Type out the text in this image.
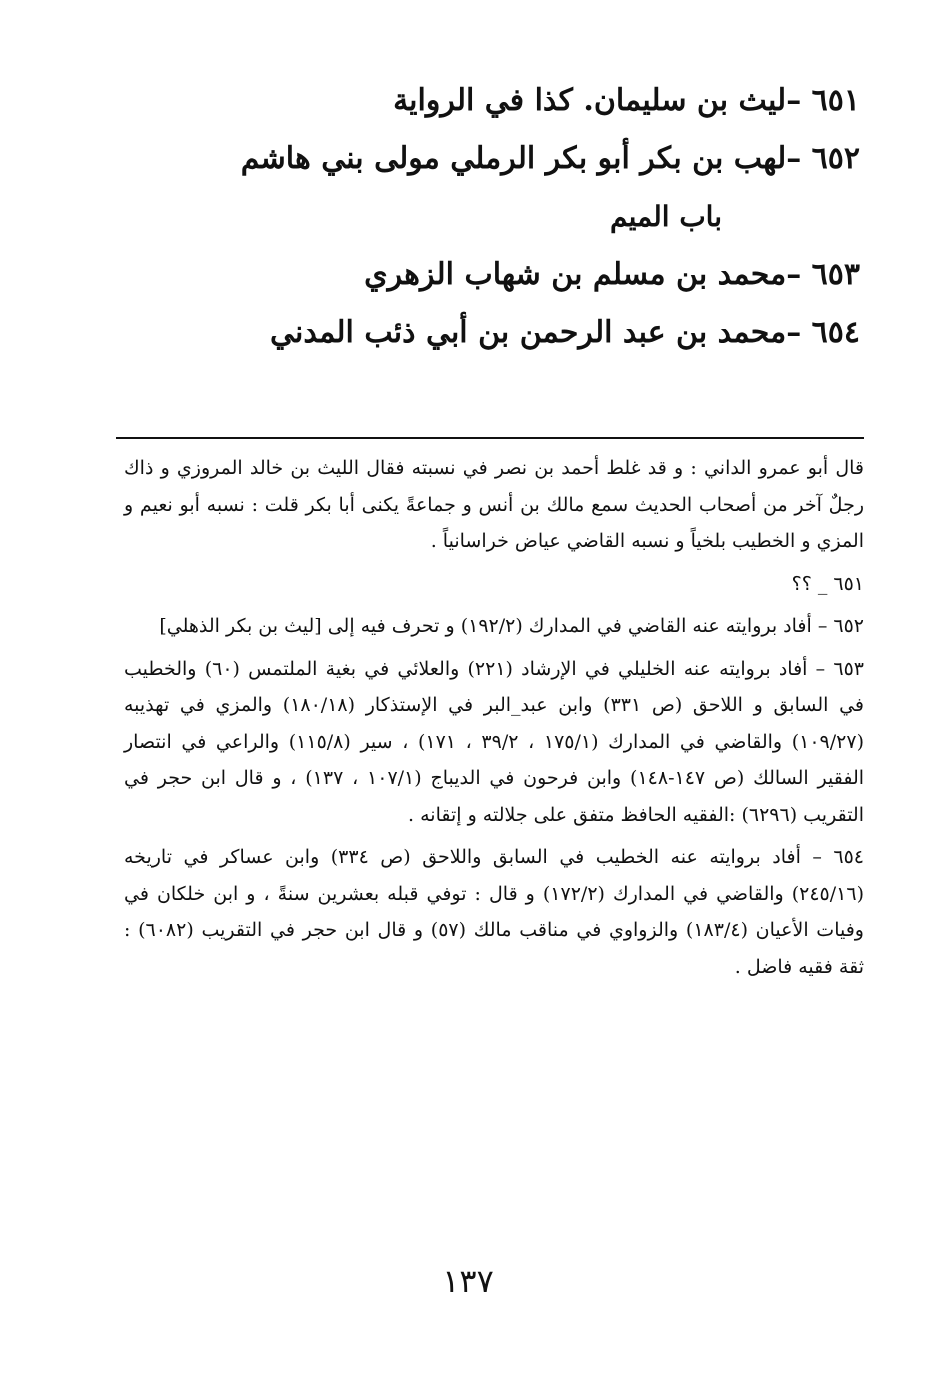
٦٥١ –ليث بن سليمان. كذا في الرواية
٦٥٢ –لهب بن بكر أبو بكر الرملي مولى بني هاشم
باب الميم
٦٥٣ –محمد بن مسلم بن شهاب الزهري
٦٥٤ –محمد بن عبد الرحمن بن أبي ذئب المدني

قال أبو عمرو الداني : و قد غلط أحمد بن نصر في نسبته فقال الليث بن خالد المروزي و ذاك رجلٌ آخر من أصحاب الحديث سمع مالك بن أنس و جماعةً يكنى أبا بكر قلت : نسبه أبو نعيم و المزي و الخطيب بلخياً و نسبه القاضي عياض خراسانياً .

٦٥١ _ ؟؟

٦٥٢ – أفاد بروايته عنه القاضي في المدارك (١٩٢/٢) و تحرف فيه إلى [ليث بن بكر الذهلي]

٦٥٣ – أفاد بروايته عنه الخليلي في الإرشاد (٢٢١) والعلائي في بغية الملتمس (٦٠) والخطيب في السابق و اللاحق (ص ٣٣١) وابن عبد_البر في الإستذكار (١٨٠/١٨) والمزي في تهذيبه (١٠٩/٢٧) والقاضي في المدارك (١٧٥/١ ، ٣٩/٢ ، ١٧١) ، سير (١١٥/٨) والراعي في انتصار الفقير السالك (ص ١٤٧-١٤٨) وابن فرحون في الديباج (١٠٧/١ ، ١٣٧) ، و قال ابن حجر في التقريب (٦٢٩٦) :الفقيه الحافظ متفق على جلالته و إتقانه .

٦٥٤ – أفاد بروايته عنه الخطيب في السابق واللاحق (ص ٣٣٤) وابن عساكر في تاريخه (٢٤٥/١٦) والقاضي في المدارك (١٧٢/٢) و قال : توفي قبله بعشرين سنةً ، و ابن خلكان في وفيات الأعيان (١٨٣/٤) والزواوي في مناقب مالك (٥٧) و قال ابن حجر في التقريب (٦٠٨٢) : ثقة فقيه فاضل .

١٣٧
